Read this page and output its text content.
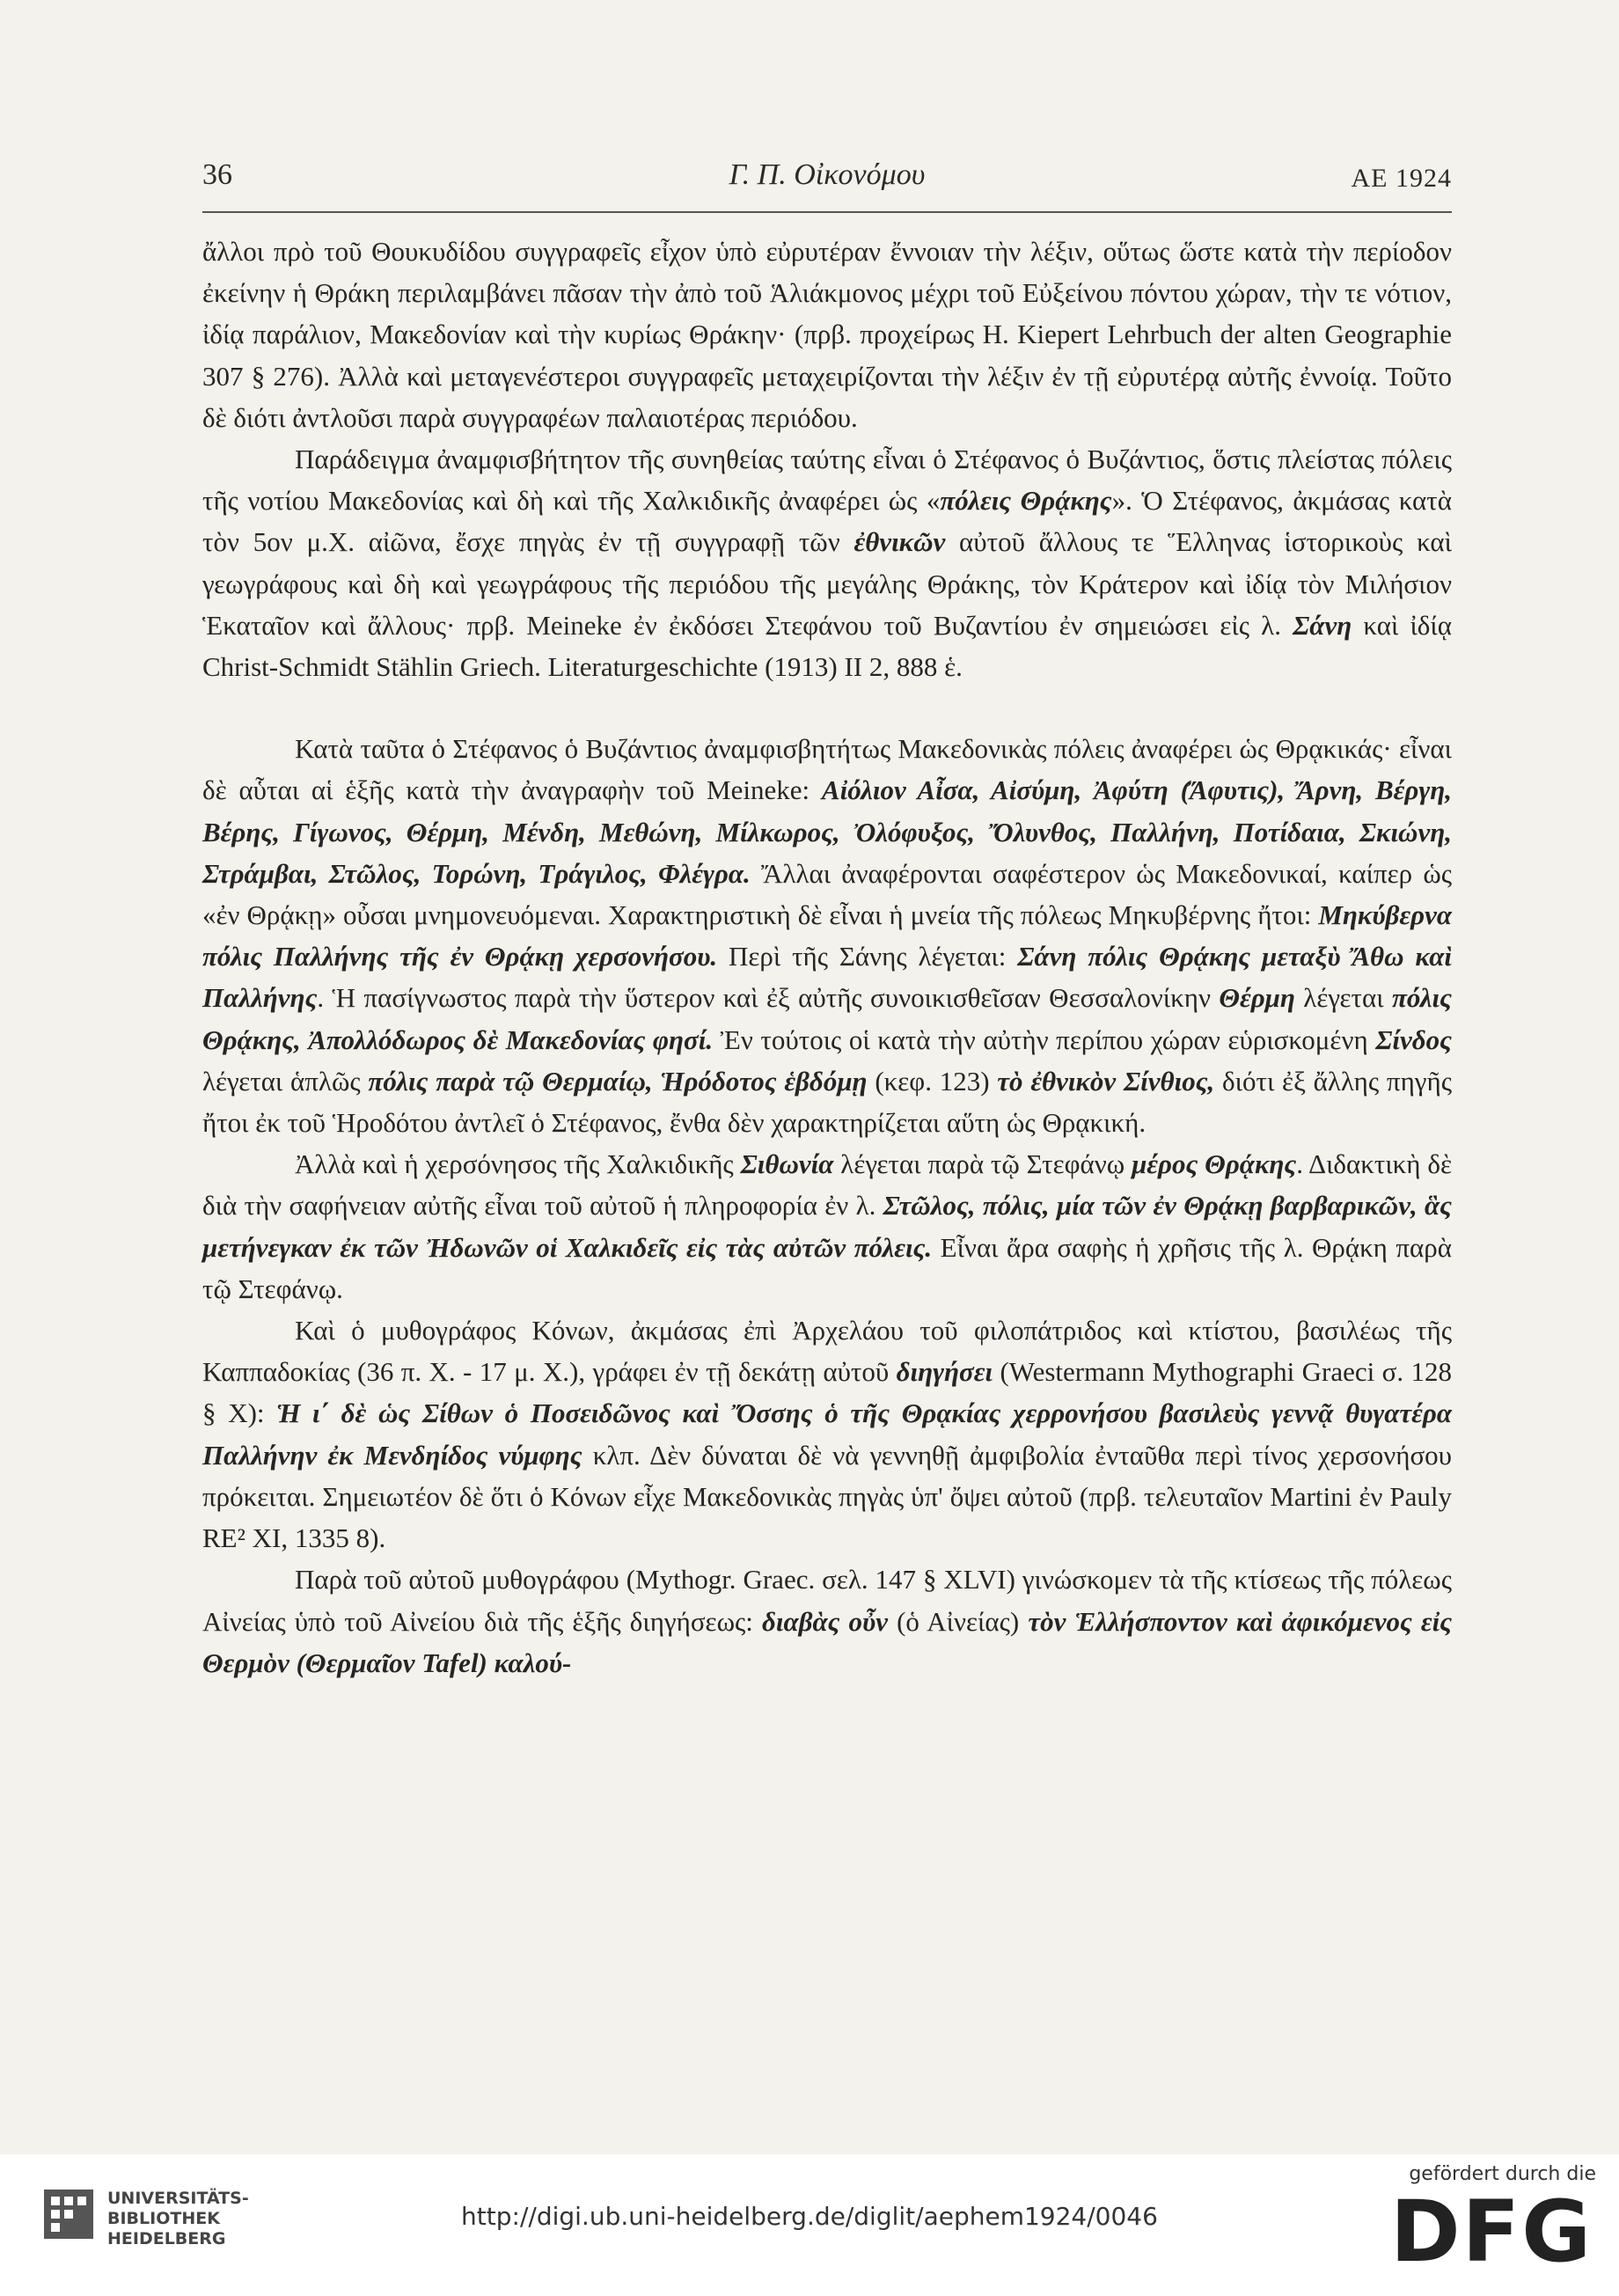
36	Γ. Π. Οἰκονόμου	ΑΕ 1924

ἄλλοι πρὸ τοῦ Θουκυδίδου συγγραφεῖς εἶχον ὑπὸ εὐρυτέραν ἔννοιαν τὴν λέξιν, οὕτως ὥστε κατὰ τὴν περίοδον ἐκείνην ἡ Θράκη περιλαμβάνει πᾶσαν τὴν ἀπὸ τοῦ Ἁλιάκμονος μέχρι τοῦ Εὐξείνου πόντου χώραν, τὴν τε νότιον, ἰδίᾳ παράλιον, Μακεδονίαν καὶ τὴν κυρίως Θράκην· (πρβ. προχείρως H. Kiepert Lehrbuch der alten Geographie 307 § 276). Ἀλλὰ καὶ μεταγενέστεροι συγγραφεῖς μεταχειρίζονται τὴν λέξιν ἐν τῇ εὐρυτέρᾳ αὐτῆς ἐννοίᾳ. Τοῦτο δὲ διότι ἀντλοῦσι παρὰ συγγραφέων παλαιοτέρας περιόδου.

Παράδειγμα ἀναμφισβήτητον τῆς συνηθείας ταύτης εἶναι ὁ Στέφανος ὁ Βυζάντιος, ὅστις πλείστας πόλεις τῆς νοτίου Μακεδονίας καὶ δὴ καὶ τῆς Χαλκιδικῆς ἀναφέρει ὡς «πόλεις Θρᾴκης». Ὁ Στέφανος, ἀκμάσας κατὰ τὸν 5ον μ.Χ. αἰῶνα, ἔσχε πηγὰς ἐν τῇ συγγραφῇ τῶν ἐθνικῶν αὐτοῦ ἄλλους τε Ἕλληνας ἱστορικοὺς καὶ γεωγράφους καὶ δὴ καὶ γεωγράφους τῆς περιόδου τῆς μεγάλης Θράκης, τὸν Κράτερον καὶ ἰδίᾳ τὸν Μιλήσιον Ἑκαταῖον καὶ ἄλλους· πρβ. Meineke ἐν ἐκδόσει Στεφάνου τοῦ Βυζαντίου ἐν σημειώσει εἰς λ. Σάνη καὶ ἰδίᾳ Christ-Schmidt Stählin Griech. Literaturgeschichte (1913) II 2, 888 ἑ.

Κατὰ ταῦτα ὁ Στέφανος ὁ Βυζάντιος ἀναμφισβητήτως Μακεδονικὰς πόλεις ἀναφέρει ὡς Θρᾳκικάς· εἶναι δὲ αὗται αἱ ἑξῆς κατὰ τὴν ἀναγραφὴν τοῦ Meineke: Αἰόλιον Αἶσα, Αἰσύμη, Ἀφύτη (Ἄφυτις), Ἄρνη, Βέργη, Βέρης, Γίγωνος, Θέρμη, Μένδη, Μεθώνη, Μίλκωρος, Ὀλόφυξος, Ὄλυνθος, Παλλήνη, Ποτίδαια, Σκιώνη, Στράμβαι, Στῶλος, Τορώνη, Τράγιλος, Φλέγρα. Ἄλλαι ἀναφέρονται σαφέστερον ὡς Μακεδονικαί, καίπερ ὡς «ἐν Θρᾴκῃ» οὖσαι μνημονευόμεναι. Χαρακτηριστικὴ δὲ εἶναι ἡ μνεία τῆς πόλεως Μηκυβέρνης ἤτοι: Μηκύβερνα πόλις Παλλήνης τῆς ἐν Θρᾴκῃ χερσονήσου. Περὶ τῆς Σάνης λέγεται: Σάνη πόλις Θρᾴκης μεταξὺ Ἄθω καὶ Παλλήνης. Ἡ πασίγνωστος παρὰ τὴν ὕστερον καὶ ἐξ αὐτῆς συνοικισθεῖσαν Θεσσαλονίκην Θέρμη λέγεται πόλις Θρᾴκης, Ἀπολλόδωρος δὲ Μακεδονίας φησί. Ἐν τούτοις οἱ κατὰ τὴν αὐτὴν περίπου χώραν εὑρισκομένη Σίνδος λέγεται ἁπλῶς πόλις παρὰ τῷ Θερμαίῳ, Ἡρόδοτος ἑβδόμῃ (κεφ. 123) τὸ ἐθνικὸν Σίνθιος, διότι ἐξ ἄλλης πηγῆς ἤτοι ἐκ τοῦ Ἡροδότου ἀντλεῖ ὁ Στέφανος, ἔνθα δὲν χαρακτηρίζεται αὕτη ὡς Θρᾳκική.

Ἀλλὰ καὶ ἡ χερσόνησος τῆς Χαλκιδικῆς Σιθωνία λέγεται παρὰ τῷ Στεφάνῳ μέρος Θρᾴκης. Διδακτικὴ δὲ διὰ τὴν σαφήνειαν αὐτῆς εἶναι τοῦ αὐτοῦ ἡ πληροφορία ἐν λ. Στῶλος, πόλις, μία τῶν ἐν Θρᾴκῃ βαρβαρικῶν, ἃς μετήνεγκαν ἐκ τῶν Ἠδωνῶν οἱ Χαλκιδεῖς εἰς τὰς αὐτῶν πόλεις. Εἶναι ἄρα σαφὴς ἡ χρῆσις τῆς λ. Θρᾴκη παρὰ τῷ Στεφάνῳ.

Καὶ ὁ μυθογράφος Κόνων, ἀκμάσας ἐπὶ Ἀρχελάου τοῦ φιλοπάτριδος καὶ κτίστου, βασιλέως τῆς Καππαδοκίας (36 π. Χ. - 17 μ. Χ.), γράφει ἐν τῇ δεκάτῃ αὐτοῦ διηγήσει (Westermann Mythographi Graeci σ. 128 § X): Ἡ ι΄ δὲ ὡς Σίθων ὁ Ποσειδῶνος καὶ Ὄσσης ὁ τῆς Θρᾳκίας χερρονήσου βασιλεὺς γεννᾷ θυγατέρα Παλλήνην ἐκ Μενδηίδος νύμφης κλπ. Δὲν δύναται δὲ νὰ γεννηθῇ ἀμφιβολία ἐνταῦθα περὶ τίνος χερσονήσου πρόκειται. Σημειωτέον δὲ ὅτι ὁ Κόνων εἶχε Μακεδονικὰς πηγὰς ὑπ' ὄψει αὐτοῦ (πρβ. τελευταῖον Martini ἐν Pauly RE² XI, 1335 8).

Παρὰ τοῦ αὐτοῦ μυθογράφου (Mythogr. Graec. σελ. 147 § XLVI) γινώσκομεν τὰ τῆς κτίσεως τῆς πόλεως Αἰνείας ὑπὸ τοῦ Αἰνείου διὰ τῆς ἑξῆς διηγήσεως: διαβὰς οὖν (ὁ Αἰνείας) τὸν Ἑλλήσποντον καὶ ἀφικόμενος εἰς Θερμὸν (Θερμαῖον Tafel) καλού-

UNIVERSITÄTS-
BIBLIOTHEK
HEIDELBERG
http://digi.ub.uni-heidelberg.de/diglit/aephem1924/0046
gefördert durch die
DFG
